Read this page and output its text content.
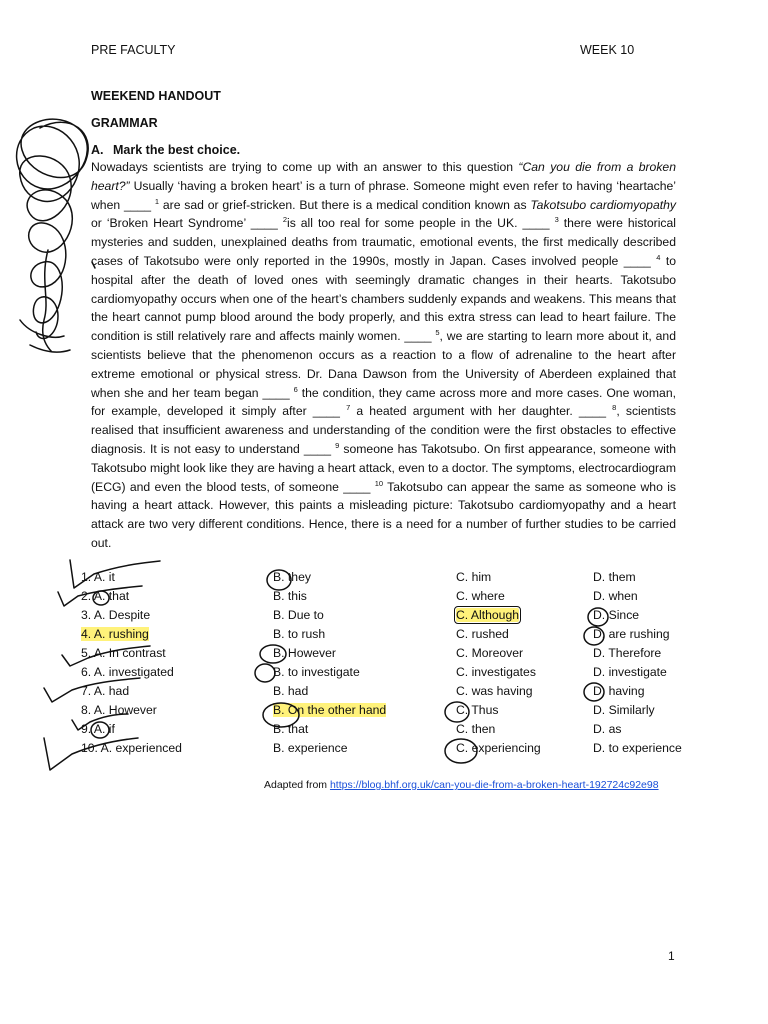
PRE FACULTY	WEEK 10
WEEKEND HANDOUT
GRAMMAR
A. Mark the best choice.
Nowadays scientists are trying to come up with an answer to this question “Can you die from a broken heart?” Usually ‘having a broken heart’ is a turn of phrase. Someone might even refer to having ‘heartache’ when ____ $^1$ are sad or grief-stricken. But there is a medical condition known as Takotsubo cardiomyopathy or ‘Broken Heart Syndrome’ ____ $^2$is all too real for some people in the UK. ____ $^3$ there were historical mysteries and sudden, unexplained deaths from traumatic, emotional events, the first medically described cases of Takotsubo were only reported in the 1990s, mostly in Japan. Cases involved people ____ $^4$ to hospital after the death of loved ones with seemingly dramatic changes in their hearts. Takotsubo cardiomyopathy occurs when one of the heart’s chambers suddenly expands and weakens. This means that the heart cannot pump blood around the body properly, and this extra stress can lead to heart failure. The condition is still relatively rare and affects mainly women. ____ $^5$, we are starting to learn more about it, and scientists believe that the phenomenon occurs as a reaction to a flow of adrenaline to the heart after extreme emotional or physical stress. Dr. Dana Dawson from the University of Aberdeen explained that when she and her team began ____ $^6$ the condition, they came across more and more cases. One woman, for example, developed it simply after ____ $^7$ a heated argument with her daughter. ____ $^8$, scientists realised that insufficient awareness and understanding of the condition were the first obstacles to effective diagnosis. It is not easy to understand ____ $^9$ someone has Takotsubo. On first appearance, someone with Takotsubo might look like they are having a heart attack, even to a doctor. The symptoms, electrocardiogram (ECG) and even the blood tests, of someone ____ $^{10}$ Takotsubo can appear the same as someone who is having a heart attack. However, this paints a misleading picture: Takotsubo cardiomyopathy and a heart attack are two very different conditions. Hence, there is a need for a number of further studies to be carried out.
1. A. it	B. they	C. him	D. them
2. A. that	B. this	C. where	D. when
3. A. Despite	B. Due to	C. Although	D. Since
4. A. rushing	B. to rush	C. rushed	D. are rushing
5. A. In contrast	B. However	C. Moreover	D. Therefore
6. A. investigated	B. to investigate	C. investigates	D. investigate
7. A. had	B. had	C. was having	D. having
8. A. However	B. On the other hand	C. Thus	D. Similarly
9. A. if	B. that	C. then	D. as
10. A. experienced	B. experience	C. experiencing	D. to experience
Adapted from https://blog.bhf.org.uk/can-you-die-from-a-broken-heart-192724c92e98
1
